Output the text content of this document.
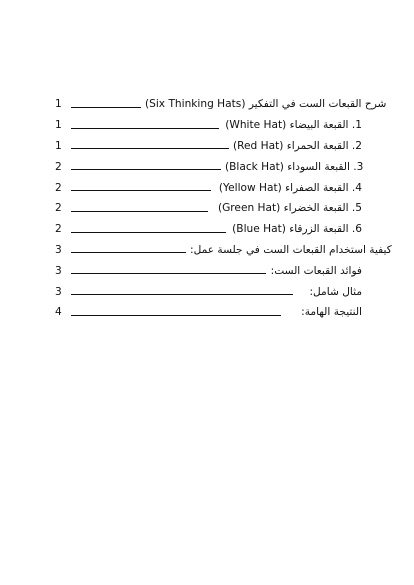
1	شرح القبعات الست في التفكير (Six Thinking Hats)
1	1. القبعة البيضاء (White Hat)
1	2. القبعة الحمراء (Red Hat)
2	3. القبعة السوداء (Black Hat)
2	4. القبعة الصفراء (Yellow Hat)
2	5. القبعة الخضراء (Green Hat)
2	6. القبعة الزرقاء (Blue Hat)
3	كيفية استخدام القبعات الست في جلسة عمل:
3	فوائد القبعات الست:
3	مثال شامل:
4	النتيجة الهامة:
